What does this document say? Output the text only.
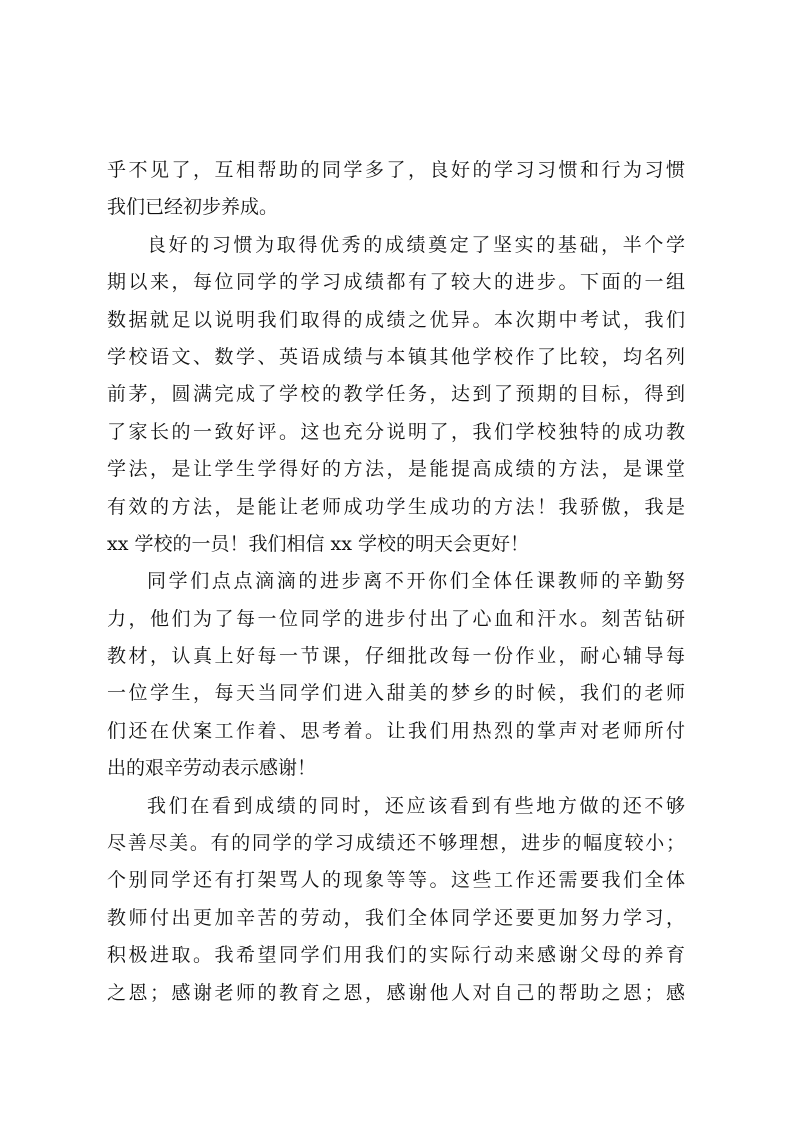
乎不见了，互相帮助的同学多了，良好的学习习惯和行为习惯
我们已经初步养成。
良好的习惯为取得优秀的成绩奠定了坚实的基础，半个学
期以来，每位同学的学习成绩都有了较大的进步。下面的一组
数据就足以说明我们取得的成绩之优异。本次期中考试，我们
学校语文、数学、英语成绩与本镇其他学校作了比较，均名列
前茅，圆满完成了学校的教学任务，达到了预期的目标，得到
了家长的一致好评。这也充分说明了，我们学校独特的成功教
学法，是让学生学得好的方法，是能提高成绩的方法，是课堂
有效的方法，是能让老师成功学生成功的方法！我骄傲，我是
xx 学校的一员！我们相信 xx 学校的明天会更好！
同学们点点滴滴的进步离不开你们全体任课教师的辛勤努
力，他们为了每一位同学的进步付出了心血和汗水。刻苦钻研
教材，认真上好每一节课，仔细批改每一份作业，耐心辅导每
一位学生，每天当同学们进入甜美的梦乡的时候，我们的老师
们还在伏案工作着、思考着。让我们用热烈的掌声对老师所付
出的艰辛劳动表示感谢！
我们在看到成绩的同时，还应该看到有些地方做的还不够
尽善尽美。有的同学的学习成绩还不够理想，进步的幅度较小；
个别同学还有打架骂人的现象等等。这些工作还需要我们全体
教师付出更加辛苦的劳动，我们全体同学还要更加努力学习，
积极进取。我希望同学们用我们的实际行动来感谢父母的养育
之恩；感谢老师的教育之恩，感谢他人对自己的帮助之恩；感
